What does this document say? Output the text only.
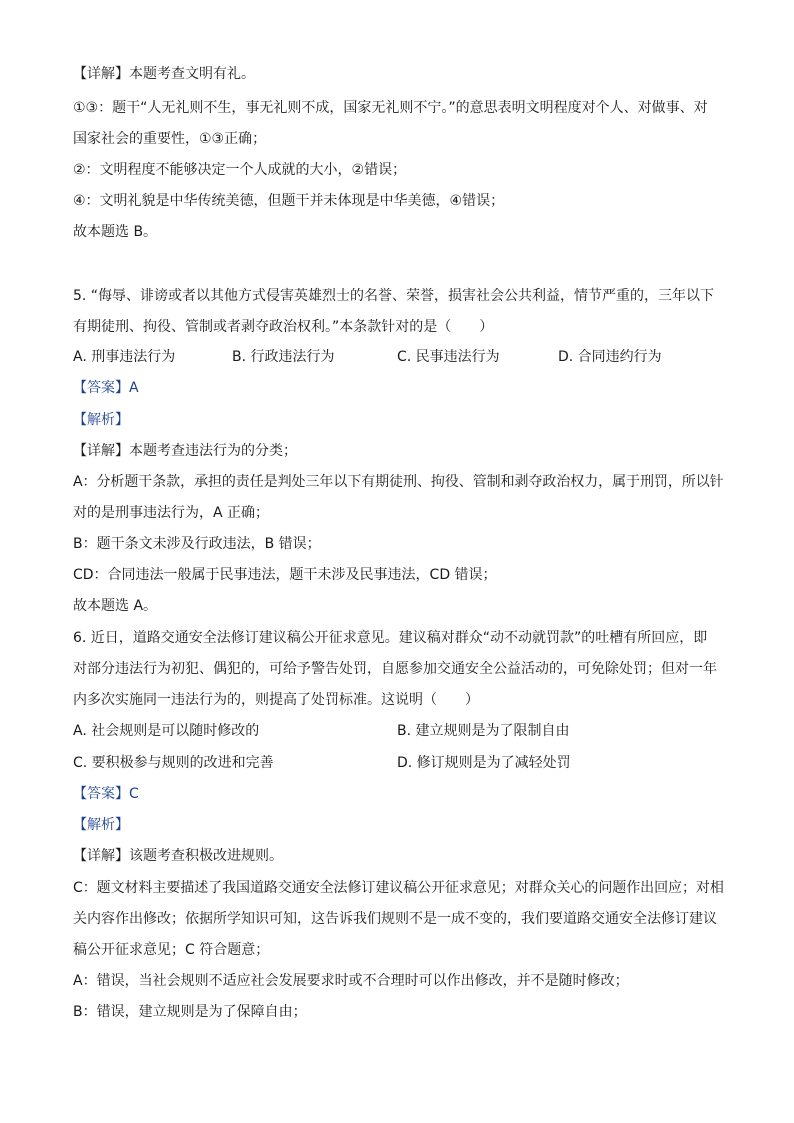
【详解】本题考查文明有礼。
①③：题干“人无礼则不生，事无礼则不成，国家无礼则不宁。”的意思表明文明程度对个人、对做事、对
国家社会的重要性，①③正确；
②：文明程度不能够决定一个人成就的大小，②错误；
④：文明礼貌是中华传统美德，但题干并未体现是中华美德，④错误；
故本题选 B。
5. “侮辱、诽谤或者以其他方式侵害英雄烈士的名誉、荣誉，损害社会公共利益，情节严重的，三年以下
有期徒刑、拘役、管制或者剥夺政治权利。”本条款针对的是（　　）
A. 刑事违法行为	B. 行政违法行为	C. 民事违法行为	D. 合同违约行为
【答案】A
【解析】
【详解】本题考查违法行为的分类；
A：分析题干条款，承担的责任是判处三年以下有期徒刑、拘役、管制和剥夺政治权力，属于刑罚，所以针
对的是刑事违法行为，A 正确；
B：题干条文未涉及行政违法，B 错误；
CD：合同违法一般属于民事违法，题干未涉及民事违法，CD 错误；
故本题选 A。
6. 近日，道路交通安全法修订建议稿公开征求意见。建议稿对群众“动不动就罚款”的吐槽有所回应，即
对部分违法行为初犯、偶犯的，可给予警告处罚，自愿参加交通安全公益活动的，可免除处罚；但对一年
内多次实施同一违法行为的，则提高了处罚标准。这说明（　　）
A. 社会规则是可以随时修改的	B. 建立规则是为了限制自由
C. 要积极参与规则的改进和完善	D. 修订规则是为了减轻处罚
【答案】C
【解析】
【详解】该题考查积极改进规则。
C：题文材料主要描述了我国道路交通安全法修订建议稿公开征求意见；对群众关心的问题作出回应；对相
关内容作出修改；依据所学知识可知，这告诉我们规则不是一成不变的，我们要道路交通安全法修订建议
稿公开征求意见；C 符合题意；
A：错误，当社会规则不适应社会发展要求时或不合理时可以作出修改，并不是随时修改；
B：错误，建立规则是为了保障自由；
